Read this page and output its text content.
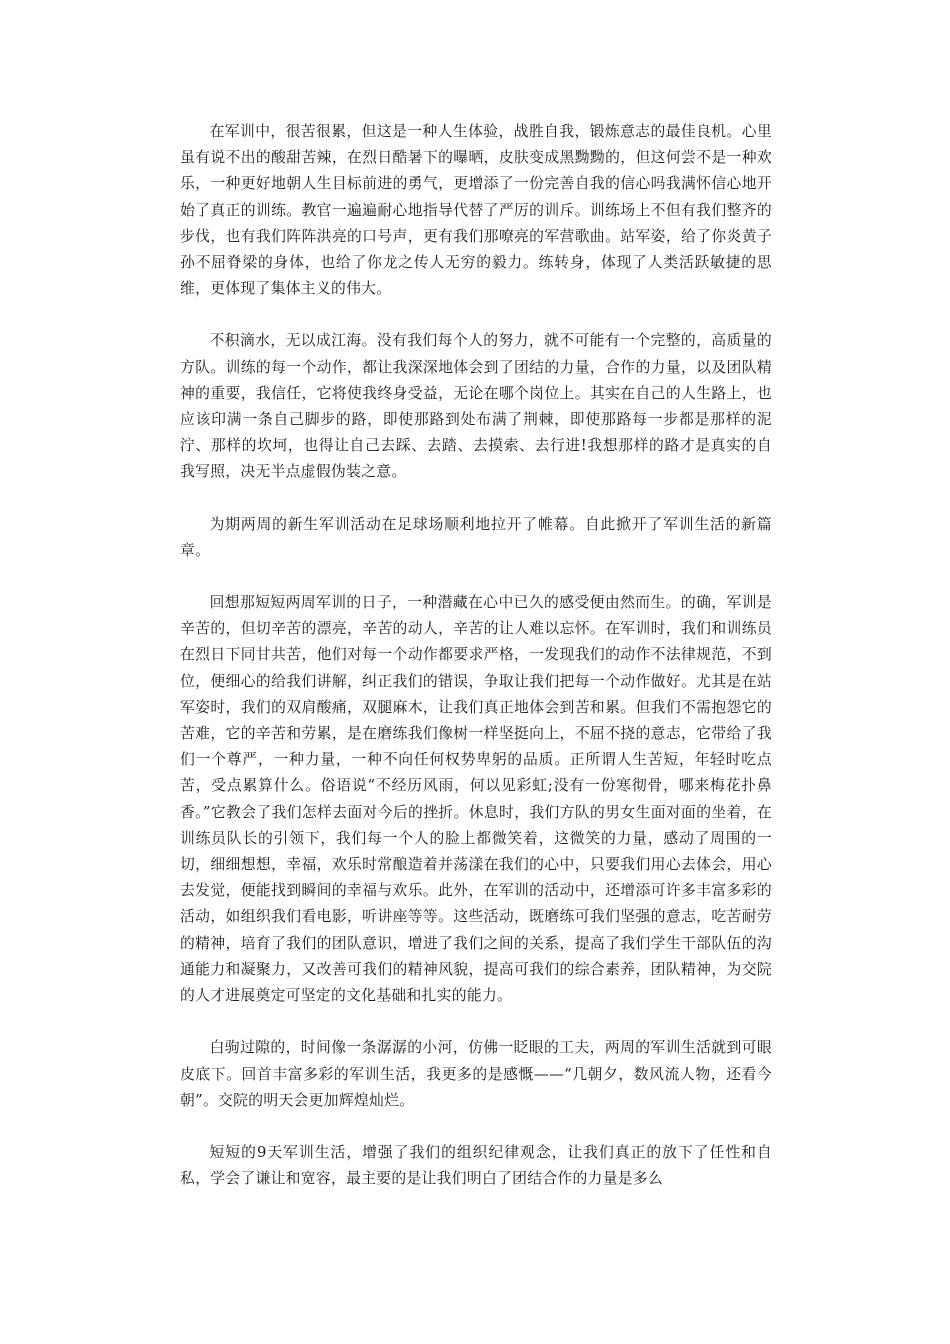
在军训中，很苦很累，但这是一种人生体验，战胜自我，锻炼意志的最佳良机。心里虽有说不出的酸甜苦辣，在烈日酷暑下的曝晒，皮肤变成黑黝黝的，但这何尝不是一种欢乐，一种更好地朝人生目标前进的勇气，更增添了一份完善自我的信心吗我满怀信心地开始了真正的训练。教官一遍遍耐心地指导代替了严厉的训斥。训练场上不但有我们整齐的步伐，也有我们阵阵洪亮的口号声，更有我们那嘹亮的军营歌曲。站军姿，给了你炎黄子孙不屈脊梁的身体，也给了你龙之传人无穷的毅力。练转身，体现了人类活跃敏捷的思维，更体现了集体主义的伟大。

不积滴水，无以成江海。没有我们每个人的努力，就不可能有一个完整的，高质量的方队。训练的每一个动作，都让我深深地体会到了团结的力量，合作的力量，以及团队精神的重要，我信任，它将使我终身受益，无论在哪个岗位上。其实在自己的人生路上，也应该印满一条自己脚步的路，即使那路到处布满了荆棘，即使那路每一步都是那样的泥泞、那样的坎坷，也得让自己去踩、去踏、去摸索、去行进!我想那样的路才是真实的自我写照，决无半点虚假伪装之意。

为期两周的新生军训活动在足球场顺利地拉开了帷幕。自此掀开了军训生活的新篇章。

回想那短短两周军训的日子，一种潜藏在心中已久的感受便由然而生。的确，军训是辛苦的，但切辛苦的漂亮，辛苦的动人，辛苦的让人难以忘怀。在军训时，我们和训练员在烈日下同甘共苦，他们对每一个动作都要求严格，一发现我们的动作不法律规范，不到位，便细心的给我们讲解，纠正我们的错误，争取让我们把每一个动作做好。尤其是在站军姿时，我们的双肩酸痛，双腿麻木，让我们真正地体会到苦和累。但我们不需抱怨它的苦难，它的辛苦和劳累，是在磨练我们像树一样坚挺向上，不屈不挠的意志，它带给了我们一个尊严，一种力量，一种不向任何权势卑躬的品质。正所谓人生苦短，年轻时吃点苦，受点累算什么。俗语说“不经历风雨，何以见彩虹;没有一份寒彻骨，哪来梅花扑鼻香。”它教会了我们怎样去面对今后的挫折。休息时，我们方队的男女生面对面的坐着，在训练员队长的引领下，我们每一个人的脸上都微笑着，这微笑的力量，感动了周围的一切，细细想想，幸福，欢乐时常酿造着并荡漾在我们的心中，只要我们用心去体会，用心去发觉，便能找到瞬间的幸福与欢乐。此外，在军训的活动中，还增添可许多丰富多彩的活动，如组织我们看电影，听讲座等等。这些活动，既磨练可我们坚强的意志，吃苦耐劳的精神，培育了我们的团队意识，增进了我们之间的关系，提高了我们学生干部队伍的沟通能力和凝聚力，又改善可我们的精神风貌，提高可我们的综合素养，团队精神，为交院的人才进展奠定可坚定的文化基础和扎实的能力。

白驹过隙的，时间像一条潺潺的小河，仿佛一眨眼的工夫，两周的军训生活就到可眼皮底下。回首丰富多彩的军训生活，我更多的是感慨——“几朝夕，数风流人物，还看今朝”。交院的明天会更加辉煌灿烂。

短短的9天军训生活，增强了我们的组织纪律观念，让我们真正的放下了任性和自私，学会了谦让和宽容，最主要的是让我们明白了团结合作的力量是多么
